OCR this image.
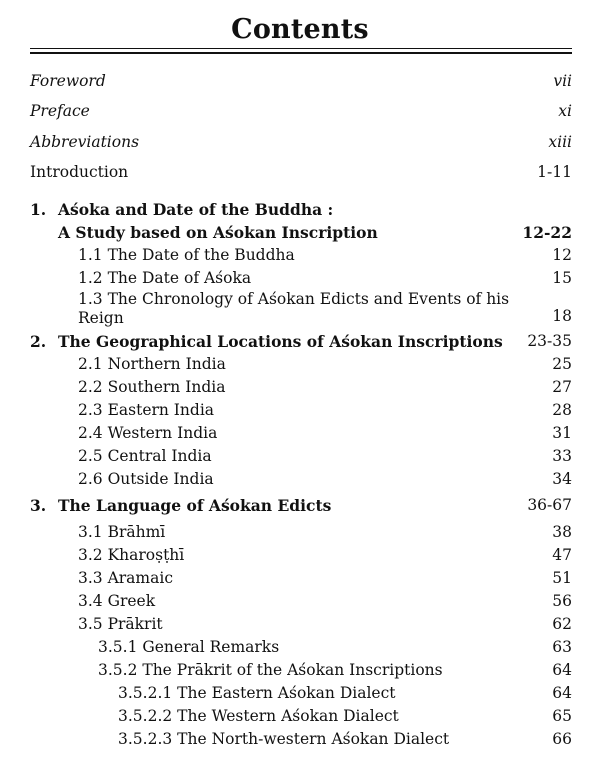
Contents
Foreword	vii
Preface	xi
Abbreviations	xiii
Introduction	1-11
1. Aśoka and Date of the Buddha :
A Study based on Aśokan Inscription	12-22
1.1 The Date of the Buddha	12
1.2 The Date of Aśoka	15
1.3 The Chronology of Aśokan Edicts and Events of his
Reign	18
2. The Geographical Locations of Aśokan Inscriptions	23-35
2.1 Northern India	25
2.2 Southern India	27
2.3 Eastern India	28
2.4 Western India	31
2.5 Central India	33
2.6 Outside India	34
3. The Language of Aśokan Edicts	36-67
3.1 Brāhmī	38
3.2 Kharoṣṭhī	47
3.3 Aramaic	51
3.4 Greek	56
3.5 Prākrit	62
3.5.1 General Remarks	63
3.5.2 The Prākrit of the Aśokan Inscriptions	64
3.5.2.1 The Eastern Aśokan Dialect	64
3.5.2.2 The Western Aśokan Dialect	65
3.5.2.3 The North-western Aśokan Dialect	66
